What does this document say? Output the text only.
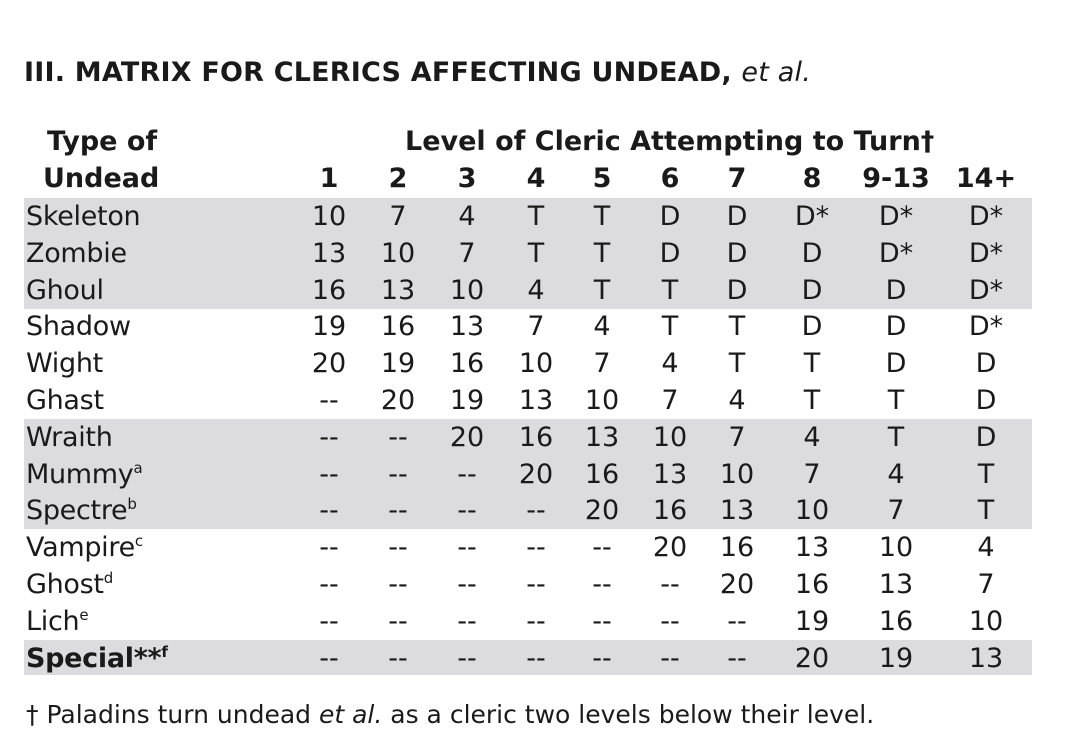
III. MATRIX FOR CLERICS AFFECTING UNDEAD, et al.
Type of
Undead
Level of Cleric Attempting to Turn†
1 2 3 4 5 6 7 8 9-13 14+
Skeleton	10 7 4 T T D D D* D* D*
Zombie	13 10 7 T T D D D D* D*
Ghoul	16 13 10 4 T T D D D D*
Shadow	19 16 13 7 4 T T D D D*
Wight	20 19 16 10 7 4 T T D	D
Ghast	-- 20 19 13 10 7 4 T	T	D
Wraith	-- -- 20 16 13 10 7 4 T	D
Mummy$^a$	-- -- -- 20 16 13 10 7 4	T
Spectre$^b$	-- -- -- -- 20 16 13 10 7	T
Vampire$^c$	-- -- -- -- -- 20 16 13 10 4
Ghost$^d$	-- -- -- -- -- -- 20 16 13 7
Lich$^e$	-- -- -- -- -- -- -- 19 16 10
Special**$^f$	-- -- -- -- -- -- -- 20 19 13
† Paladins turn undead et al. as a cleric two levels below their level.
